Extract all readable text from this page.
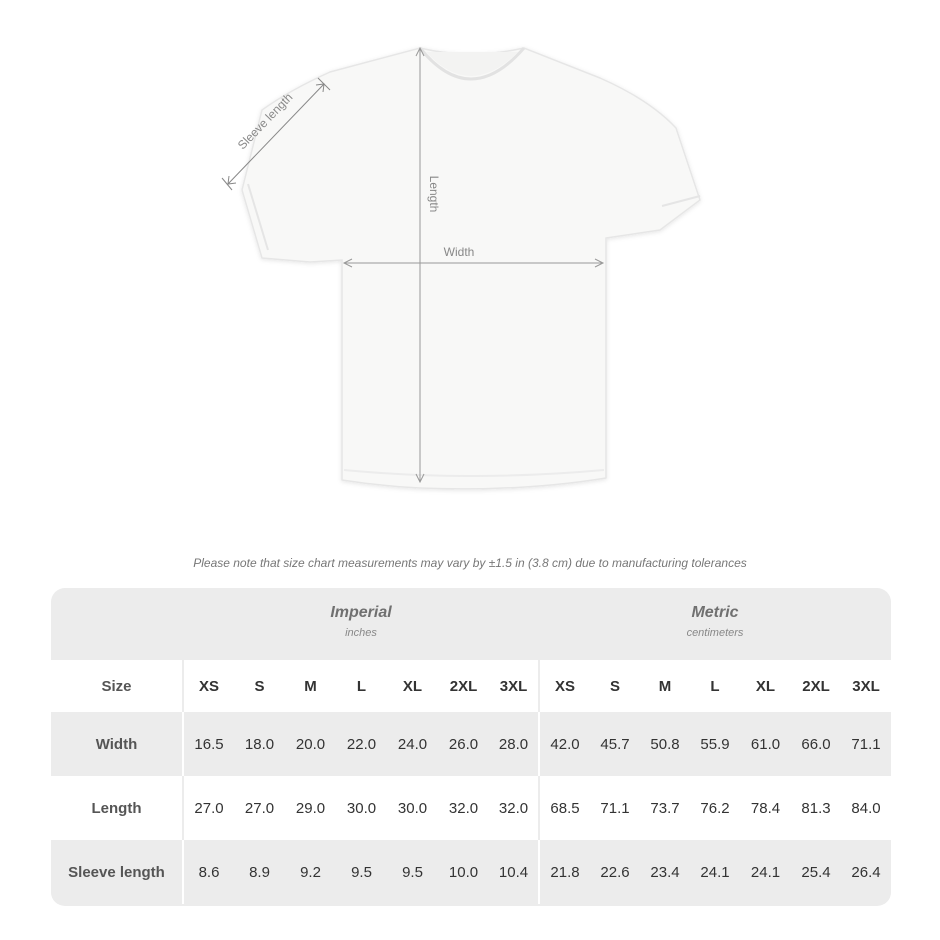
Sleeve length
Length
Width
Please note that size chart measurements may vary by ±1.5 in (3.8 cm) due to manufacturing tolerances
Imperial
inches
Metric
centimeters
Size	XS	S	M	L	XL	2XL	3XL	XS	S	M	L	XL	2XL	3XL
Width	16.5	18.0	20.0	22.0	24.0	26.0	28.0	42.0	45.7	50.8	55.9	61.0	66.0	71.1
Length	27.0	27.0	29.0	30.0	30.0	32.0	32.0	68.5	71.1	73.7	76.2	78.4	81.3	84.0
Sleeve length	8.6	8.9	9.2	9.5	9.5	10.0	10.4	21.8	22.6	23.4	24.1	24.1	25.4	26.4
